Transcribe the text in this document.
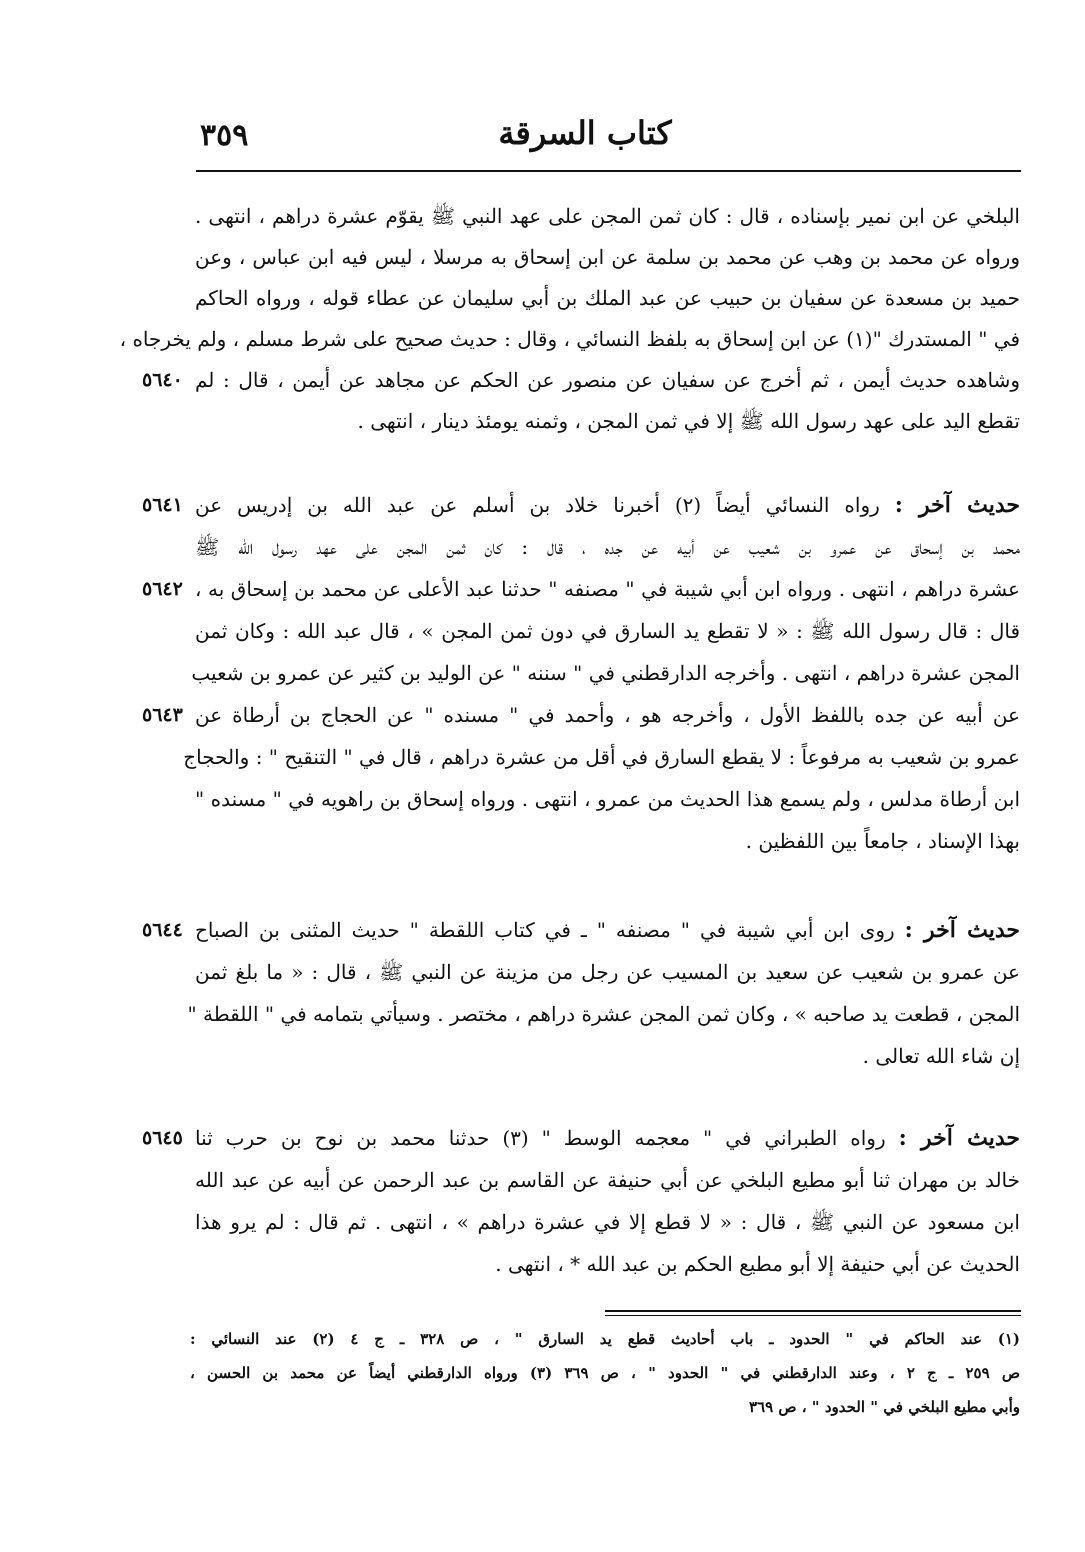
٣٥٩	كتاب السرقة
البلخي عن ابن نمير بإسناده ، قال : كان ثمن المجن على عهد النبي ﷺ يقوّم عشرة دراهم ، انتهى .
ورواه عن محمد بن وهب عن محمد بن سلمة عن ابن إسحاق به مرسلا ، ليس فيه ابن عباس ، وعن
حميد بن مسعدة عن سفيان بن حبيب عن عبد الملك بن أبي سليمان عن عطاء قوله ، ورواه الحاكم
في " المستدرك "(١) عن ابن إسحاق به بلفظ النسائي ، وقال : حديث صحيح على شرط مسلم ، ولم يخرجاه ،
٥٦٤٠ وشاهده حديث أيمن ، ثم أخرج عن سفيان عن منصور عن الحكم عن مجاهد عن أيمن ، قال : لم
تقطع اليد على عهد رسول الله ﷺ إلا في ثمن المجن ، وثمنه يومئذ دينار ، انتهى .
٥٦٤١	حديث آخر : رواه النسائي أيضاً (٢) أخبرنا خلاد بن أسلم عن عبد الله بن إدريس عن
محمد بن إسحاق عن عمرو بن شعيب عن أبيه عن جده ، قال : كان ثمن المجن على عهد رسول الله ﷺ
٥٦٤٢ عشرة دراهم ، انتهى . ورواه ابن أبي شيبة في " مصنفه " حدثنا عبد الأعلى عن محمد بن إسحاق به ،
قال : قال رسول الله ﷺ : « لا تقطع يد السارق في دون ثمن المجن » ، قال عبد الله : وكان ثمن
المجن عشرة دراهم ، انتهى . وأخرجه الدارقطني في " سننه " عن الوليد بن كثير عن عمرو بن شعيب
٥٦٤٣ عن أبيه عن جده باللفظ الأول ، وأخرجه هو ، وأحمد في " مسنده " عن الحجاج بن أرطاة عن
عمرو بن شعيب به مرفوعاً : لا يقطع السارق في أقل من عشرة دراهم ، قال في " التنقيح " : والحجاج
ابن أرطاة مدلس ، ولم يسمع هذا الحديث من عمرو ، انتهى . ورواه إسحاق بن راهويه في " مسنده "
بهذا الإسناد ، جامعاً بين اللفظين .
٥٦٤٤	حديث آخر : روى ابن أبي شيبة في " مصنفه " ـ في كتاب اللقطة " حديث المثنى بن الصباح
عن عمرو بن شعيب عن سعيد بن المسيب عن رجل من مزينة عن النبي ﷺ ، قال : « ما بلغ ثمن
المجن ، قطعت يد صاحبه » ، وكان ثمن المجن عشرة دراهم ، مختصر . وسيأتي بتمامه في " اللقطة "
إن شاء الله تعالى .
٥٦٤٥	حديث آخر : رواه الطبراني في " معجمه الوسط " (٣) حدثنا محمد بن نوح بن حرب ثنا
خالد بن مهران ثنا أبو مطيع البلخي عن أبي حنيفة عن القاسم بن عبد الرحمن عن أبيه عن عبد الله
ابن مسعود عن النبي ﷺ ، قال : « لا قطع إلا في عشرة دراهم » ، انتهى . ثم قال : لم يرو هذا
الحديث عن أبي حنيفة إلا أبو مطيع الحكم بن عبد الله * ، انتهى .
(١) عند الحاكم في " الحدود ـ باب أحاديث قطع يد السارق " ، ص ٣٢٨ ـ ج ٤ (٢) عند النسائي :
ص ٢٥٩ ـ ج ٢ ، وعند الدارقطني في " الحدود " ، ص ٣٦٩ (٣) ورواه الدارقطني أيضاً عن محمد بن الحسن ،
وأبي مطيع البلخي في " الحدود " ، ص ٣٦٩
